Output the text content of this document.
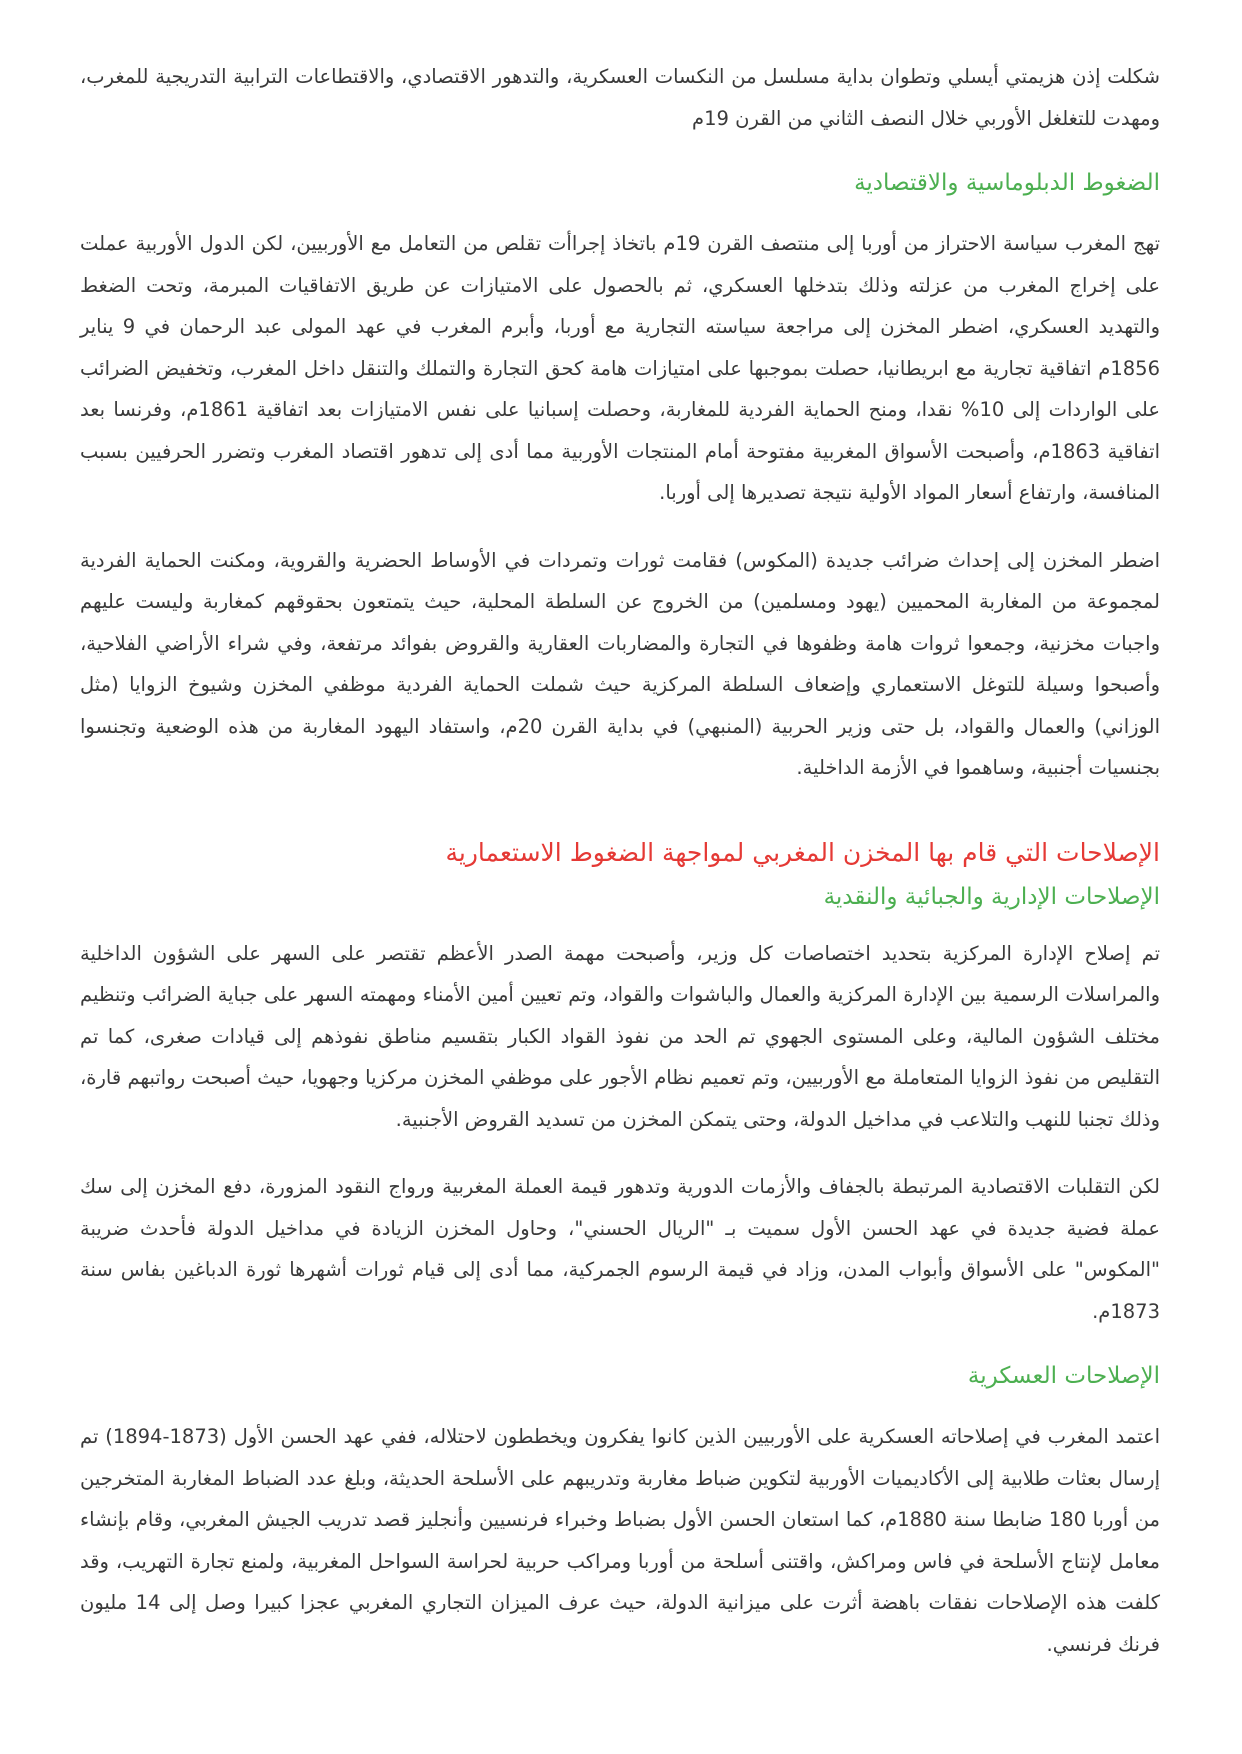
شكلت إذن هزيمتي أيسلي وتطوان بداية مسلسل من النكسات العسكرية، والتدهور الاقتصادي، والاقتطاعات الترابية التدريجية للمغرب، ومهدت للتغلغل الأوربي خلال النصف الثاني من القرن 19م

الضغوط الدبلوماسية والاقتصادية

تهج المغرب سياسة الاحتراز من أوربا إلى منتصف القرن 19م باتخاذ إجراأت تقلص من التعامل مع الأوربيين، لكن الدول الأوربية عملت على إخراج المغرب من عزلته وذلك بتدخلها العسكري، ثم بالحصول على الامتيازات عن طريق الاتفاقيات المبرمة، وتحت الضغط والتهديد العسكري، اضطر المخزن إلى مراجعة سياسته التجارية مع أوربا، وأبرم المغرب في عهد المولى عبد الرحمان في 9 يناير 1856م اتفاقية تجارية مع ابريطانيا، حصلت بموجبها على امتيازات هامة كحق التجارة والتملك والتنقل داخل المغرب، وتخفيض الضرائب على الواردات إلى 10% نقدا، ومنح الحماية الفردية للمغاربة، وحصلت إسبانيا على نفس الامتيازات بعد اتفاقية 1861م، وفرنسا بعد اتفاقية 1863م، وأصبحت الأسواق المغربية مفتوحة أمام المنتجات الأوربية مما أدى إلى تدهور اقتصاد المغرب وتضرر الحرفيين بسبب المنافسة، وارتفاع أسعار المواد الأولية نتيجة تصديرها إلى أوربا.

اضطر المخزن إلى إحداث ضرائب جديدة (المكوس) فقامت ثورات وتمردات في الأوساط الحضرية والقروية، ومكنت الحماية الفردية لمجموعة من المغاربة المحميين (يهود ومسلمين) من الخروج عن السلطة المحلية، حيث يتمتعون بحقوقهم كمغاربة وليست عليهم واجبات مخزنية، وجمعوا ثروات هامة وظفوها في التجارة والمضاربات العقارية والقروض بفوائد مرتفعة، وفي شراء الأراضي الفلاحية، وأصبحوا وسيلة للتوغل الاستعماري وإضعاف السلطة المركزية حيث شملت الحماية الفردية موظفي المخزن وشيوخ الزوايا (مثل الوزاني) والعمال والقواد، بل حتى وزير الحربية (المنبهي) في بداية القرن 20م، واستفاد اليهود المغاربة من هذه الوضعية وتجنسوا بجنسيات أجنبية، وساهموا في الأزمة الداخلية.

الإصلاحات التي قام بها المخزن المغربي لمواجهة الضغوط الاستعمارية
الإصلاحات الإدارية والجبائية والنقدية

تم إصلاح الإدارة المركزية بتحديد اختصاصات كل وزير، وأصبحت مهمة الصدر الأعظم تقتصر على السهر على الشؤون الداخلية والمراسلات الرسمية بين الإدارة المركزية والعمال والباشوات والقواد، وتم تعيين أمين الأمناء ومهمته السهر على جباية الضرائب وتنظيم مختلف الشؤون المالية، وعلى المستوى الجهوي تم الحد من نفوذ القواد الكبار بتقسيم مناطق نفوذهم إلى قيادات صغرى، كما تم التقليص من نفوذ الزوايا المتعاملة مع الأوربيين، وتم تعميم نظام الأجور على موظفي المخزن مركزيا وجهويا، حيث أصبحت رواتبهم قارة، وذلك تجنبا للنهب والتلاعب في مداخيل الدولة، وحتى يتمكن المخزن من تسديد القروض الأجنبية.

لكن التقلبات الاقتصادية المرتبطة بالجفاف والأزمات الدورية وتدهور قيمة العملة المغربية ورواج النقود المزورة، دفع المخزن إلى سك عملة فضية جديدة في عهد الحسن الأول سميت بـ "الريال الحسني"، وحاول المخزن الزيادة في مداخيل الدولة فأحدث ضريبة "المكوس" على الأسواق وأبواب المدن، وزاد في قيمة الرسوم الجمركية، مما أدى إلى قيام ثورات أشهرها ثورة الدباغين بفاس سنة 1873م.

الإصلاحات العسكرية

اعتمد المغرب في إصلاحاته العسكرية على الأوربيين الذين كانوا يفكرون ويخططون لاحتلاله، ففي عهد الحسن الأول (1873-1894) تم إرسال بعثات طلابية إلى الأكاديميات الأوربية لتكوين ضباط مغاربة وتدريبهم على الأسلحة الحديثة، وبلغ عدد الضباط المغاربة المتخرجين من أوربا 180 ضابطا سنة 1880م، كما استعان الحسن الأول بضباط وخبراء فرنسيين وأنجليز قصد تدريب الجيش المغربي، وقام بإنشاء معامل لإنتاج الأسلحة في فاس ومراكش، واقتنى أسلحة من أوربا ومراكب حربية لحراسة السواحل المغربية، ولمنع تجارة التهريب، وقد كلفت هذه الإصلاحات نفقات باهضة أثرت على ميزانية الدولة، حيث عرف الميزان التجاري المغربي عجزا كبيرا وصل إلى 14 مليون فرنك فرنسي.
